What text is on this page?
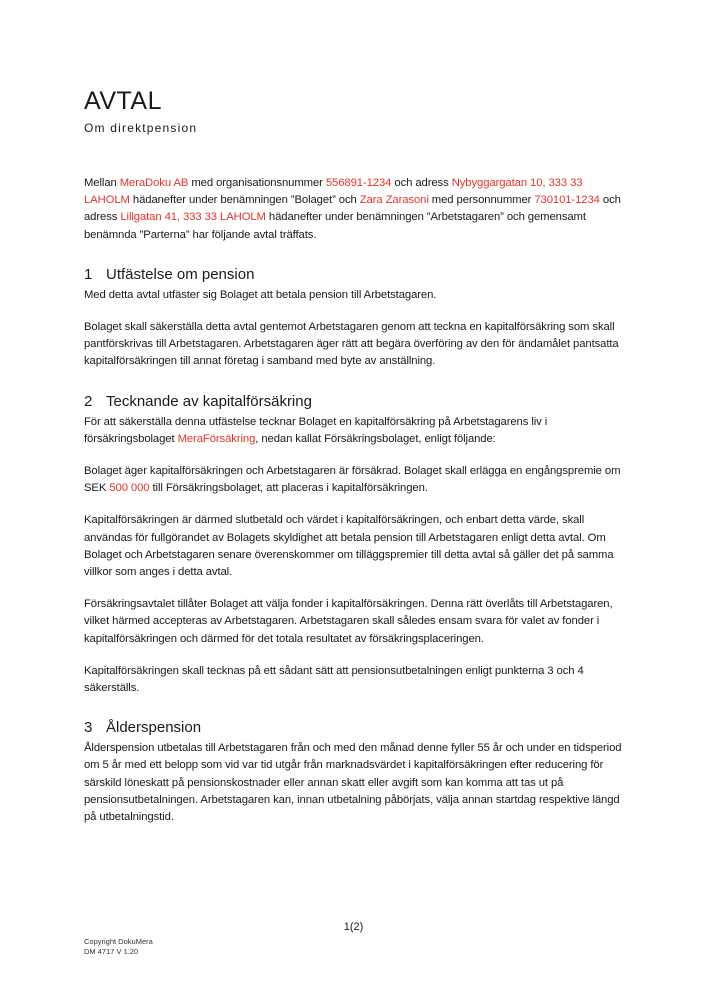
AVTAL
Om direktpension

Mellan MeraDoku AB med organisationsnummer 556891-1234 och adress Nybyggargatan 10, 333 33 LAHOLM hädanefter under benämningen ”Bolaget” och Zara Zarasoni med personnummer 730101-1234 och adress Lillgatan 41, 333 33 LAHOLM hädanefter under benämningen ”Arbetstagaren” och gemensamt benämnda ”Parterna” har följande avtal träffats.

1 Utfästelse om pension

Med detta avtal utfäster sig Bolaget att betala pension till Arbetstagaren.

Bolaget skall säkerställa detta avtal gentemot Arbetstagaren genom att teckna en kapitalförsäkring som skall pantförskrivas till Arbetstagaren. Arbetstagaren äger rätt att begära överföring av den för ändamålet pantsatta kapitalförsäkringen till annat företag i samband med byte av anställning.

2 Tecknande av kapitalförsäkring

För att säkerställa denna utfästelse tecknar Bolaget en kapitalförsäkring på Arbetstagarens liv i försäkringsbolaget MeraFörsäkring, nedan kallat Försäkringsbolaget, enligt följande:

Bolaget äger kapitalförsäkringen och Arbetstagaren är försäkrad. Bolaget skall erlägga en engångspremie om SEK 500 000 till Försäkringsbolaget, att placeras i kapitalförsäkringen.

Kapitalförsäkringen är därmed slutbetald och värdet i kapitalförsäkringen, och enbart detta värde, skall användas för fullgörandet av Bolagets skyldighet att betala pension till Arbetstagaren enligt detta avtal. Om Bolaget och Arbetstagaren senare överenskommer om tilläggspremier till detta avtal så gäller det på samma villkor som anges i detta avtal.

Försäkringsavtalet tillåter Bolaget att välja fonder i kapitalförsäkringen. Denna rätt överlåts till Arbetstagaren, vilket härmed accepteras av Arbetstagaren. Arbetstagaren skall således ensam svara för valet av fonder i kapitalförsäkringen och därmed för det totala resultatet av försäkringsplaceringen.

Kapitalförsäkringen skall tecknas på ett sådant sätt att pensionsutbetalningen enligt punkterna 3 och 4 säkerställs.

3 Ålderspension

Ålderspension utbetalas till Arbetstagaren från och med den månad denne fyller 55 år och under en tidsperiod om 5 år med ett belopp som vid var tid utgår från marknadsvärdet i kapitalförsäkringen efter reducering för särskild löneskatt på pensionskostnader eller annan skatt eller avgift som kan komma att tas ut på pensionsutbetalningen. Arbetstagaren kan, innan utbetalning påbörjats, välja annan startdag respektive längd på utbetalningstid.

1(2)
Copyright DokuMera
DM 4717 V 1.20
